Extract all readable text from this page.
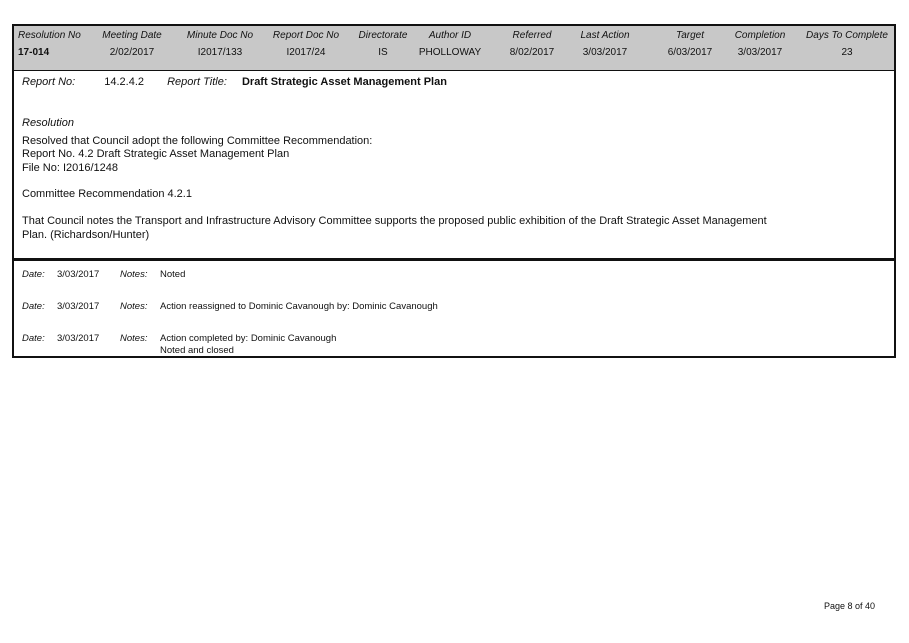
Resolution No
17-014
Meeting Date
2/02/2017
Minute Doc No
I2017/133
Report Doc No
I2017/24
Directorate
IS
Author ID
PHOLLOWAY
Referred
8/02/2017
Last Action
3/03/2017
Target
6/03/2017
Completion
3/03/2017
Days To Complete
23
Report No:	14.2.4.2 Report Title: Draft Strategic Asset Management Plan
Resolution
Resolved that Council adopt the following Committee Recommendation:
Report No. 4.2 Draft Strategic Asset Management Plan
File No: I2016/1248
Committee Recommendation 4.2.1
That Council notes the Transport and Infrastructure Advisory Committee supports the proposed public exhibition of the Draft Strategic Asset Management
Plan. (Richardson/Hunter)
Date: 3/03/2017 Notes: Noted
Date: 3/03/2017 Notes: Action reassigned to Dominic Cavanough by: Dominic Cavanough
Date: 3/03/2017 Notes: Action completed by: Dominic Cavanough
Noted and closed
Page 8 of 40
